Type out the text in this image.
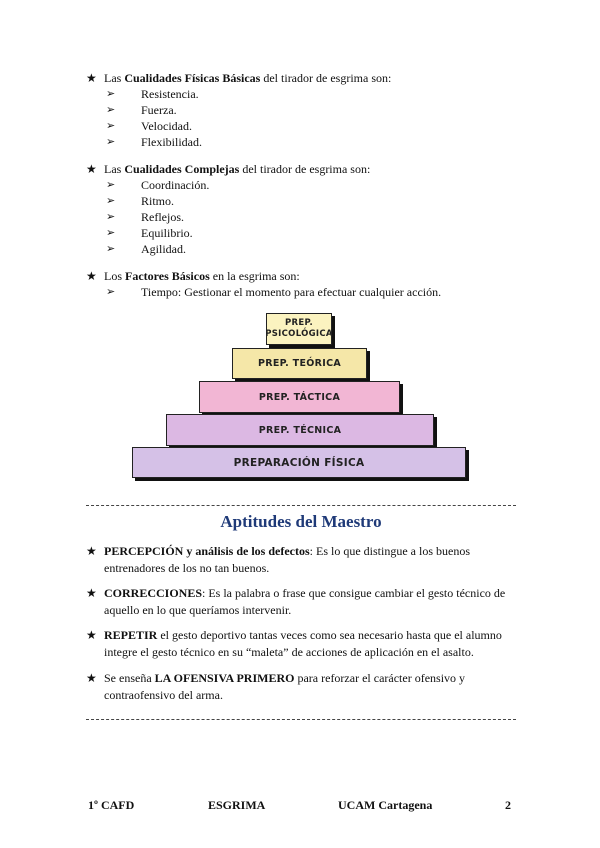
★ Las Cualidades Físicas Básicas del tirador de esgrima son:
➢ Resistencia.
➢ Fuerza.
➢ Velocidad.
➢ Flexibilidad.
★ Las Cualidades Complejas del tirador de esgrima son:
➢ Coordinación.
➢ Ritmo.
➢ Reflejos.
➢ Equilibrio.
➢ Agilidad.
★ Los Factores Básicos en la esgrima son:
➢ Tiempo: Gestionar el momento para efectuar cualquier acción.
PREP.
PSICOLÓGICA
PREP. TEÓRICA
PREP. TÁCTICA
PREP. TÉCNICA
PREPARACIÓN FÍSICA
Aptitudes del Maestro
★ PERCEPCIÓN y análisis de los defectos: Es lo que distingue a los buenos entrenadores de los no tan buenos.
★ CORRECCIONES: Es la palabra o frase que consigue cambiar el gesto técnico de aquello en lo que queríamos intervenir.
★ REPETIR el gesto deportivo tantas veces como sea necesario hasta que el alumno integre el gesto técnico en su “maleta” de acciones de aplicación en el asalto.
★ Se enseña LA OFENSIVA PRIMERO para reforzar el carácter ofensivo y contraofensivo del arma.
1º CAFD	ESGRIMA	UCAM Cartagena	2
